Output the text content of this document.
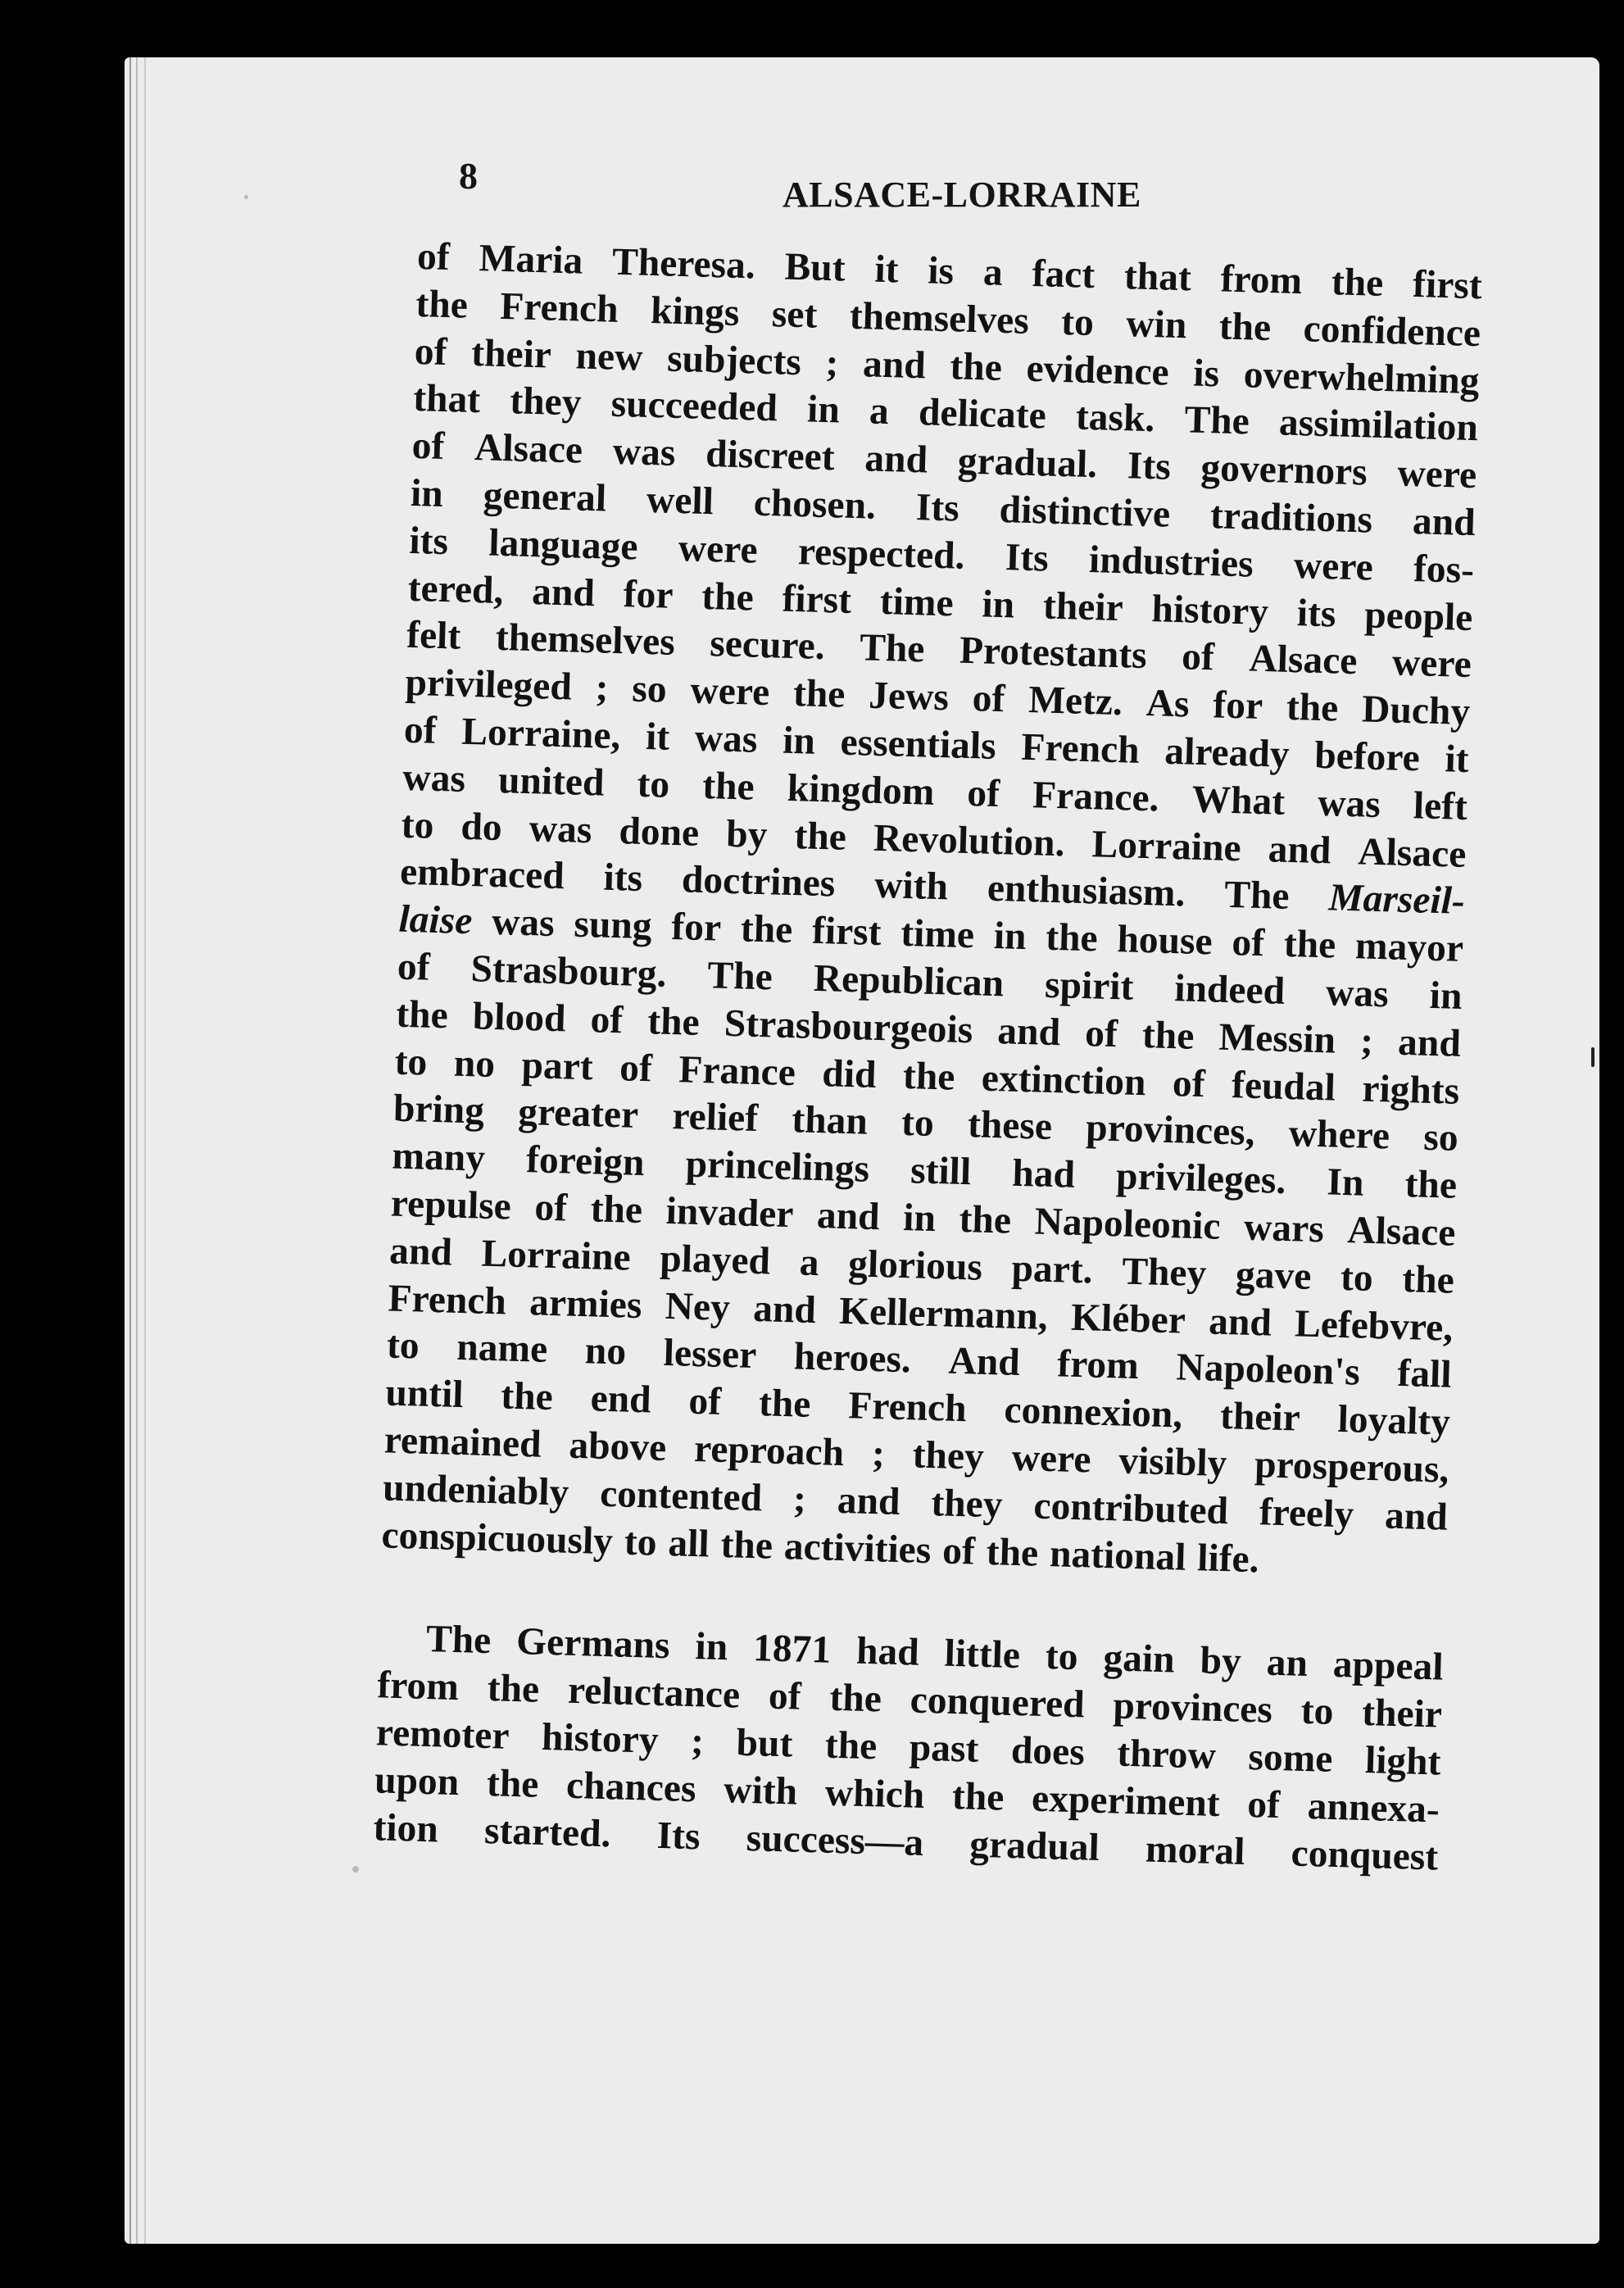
8	ALSACE-LORRAINE
of Maria Theresa. But it is a fact that from the first
the French kings set themselves to win the confidence
of their new subjects ; and the evidence is overwhelming
that they succeeded in a delicate task. The assimilation
of Alsace was discreet and gradual. Its governors were
in general well chosen. Its distinctive traditions and
its language were respected. Its industries were fos-
tered, and for the first time in their history its people
felt themselves secure. The Protestants of Alsace were
privileged ; so were the Jews of Metz. As for the Duchy
of Lorraine, it was in essentials French already before it
was united to the kingdom of France. What was left
to do was done by the Revolution. Lorraine and Alsace
embraced its doctrines with enthusiasm. The Marseil-
laise was sung for the first time in the house of the mayor
of Strasbourg. The Republican spirit indeed was in
the blood of the Strasbourgeois and of the Messin ; and
to no part of France did the extinction of feudal rights
bring greater relief than to these provinces, where so
many foreign princelings still had privileges. In the
repulse of the invader and in the Napoleonic wars Alsace
and Lorraine played a glorious part. They gave to the
French armies Ney and Kellermann, Kléber and Lefebvre,
to name no lesser heroes. And from Napoleon's fall
until the end of the French connexion, their loyalty
remained above reproach ; they were visibly prosperous,
undeniably contented ; and they contributed freely and
conspicuously to all the activities of the national life.
The Germans in 1871 had little to gain by an appeal
from the reluctance of the conquered provinces to their
remoter history ; but the past does throw some light
upon the chances with which the experiment of annexa-
tion started. Its success—a gradual moral conquest
